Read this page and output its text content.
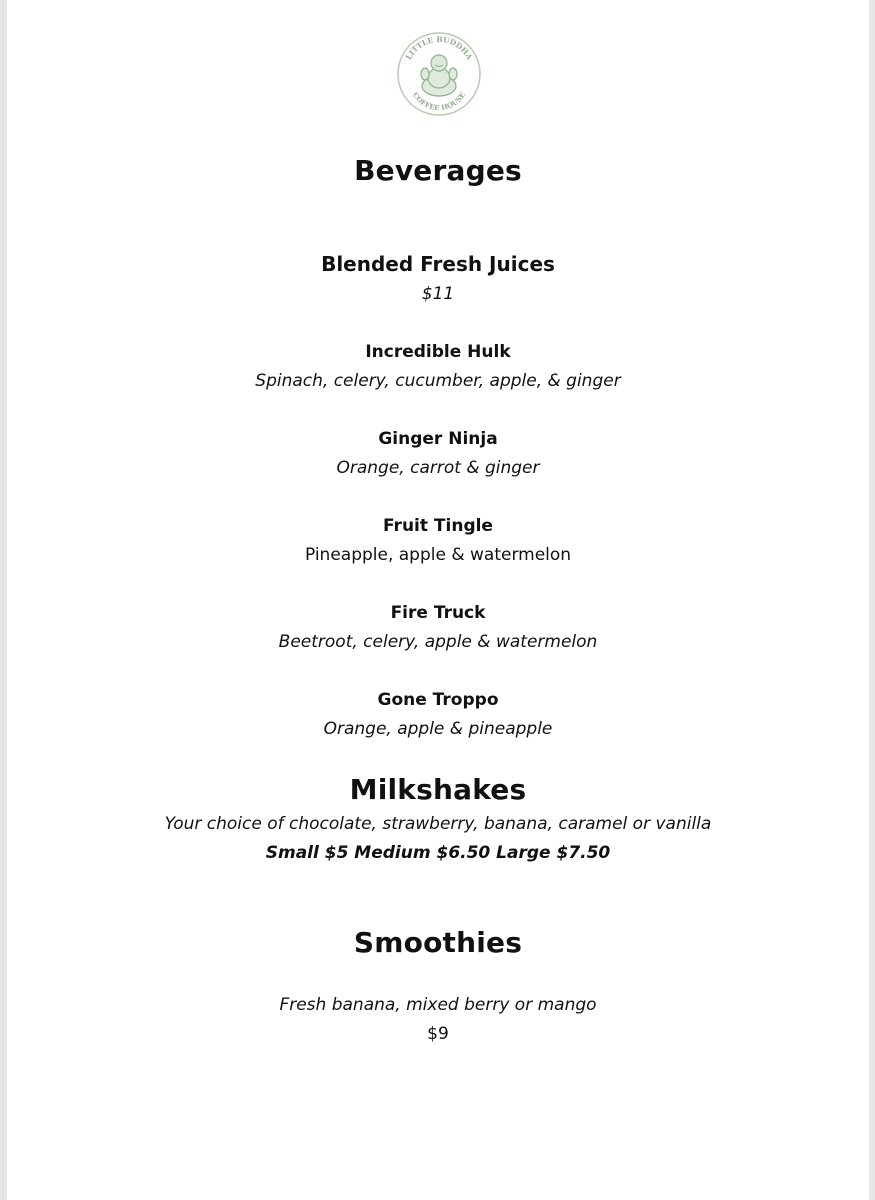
LITTLE BUDDHA
COFFEE HOUSE
Beverages
Blended Fresh Juices
$11
Incredible Hulk
Spinach, celery, cucumber, apple, & ginger
Ginger Ninja
Orange, carrot & ginger
Fruit Tingle
Pineapple, apple & watermelon
Fire Truck
Beetroot, celery, apple & watermelon
Gone Troppo
Orange, apple & pineapple
Milkshakes
Your choice of chocolate, strawberry, banana, caramel or vanilla
Small $5 Medium $6.50 Large $7.50
Smoothies
Fresh banana, mixed berry or mango
$9
